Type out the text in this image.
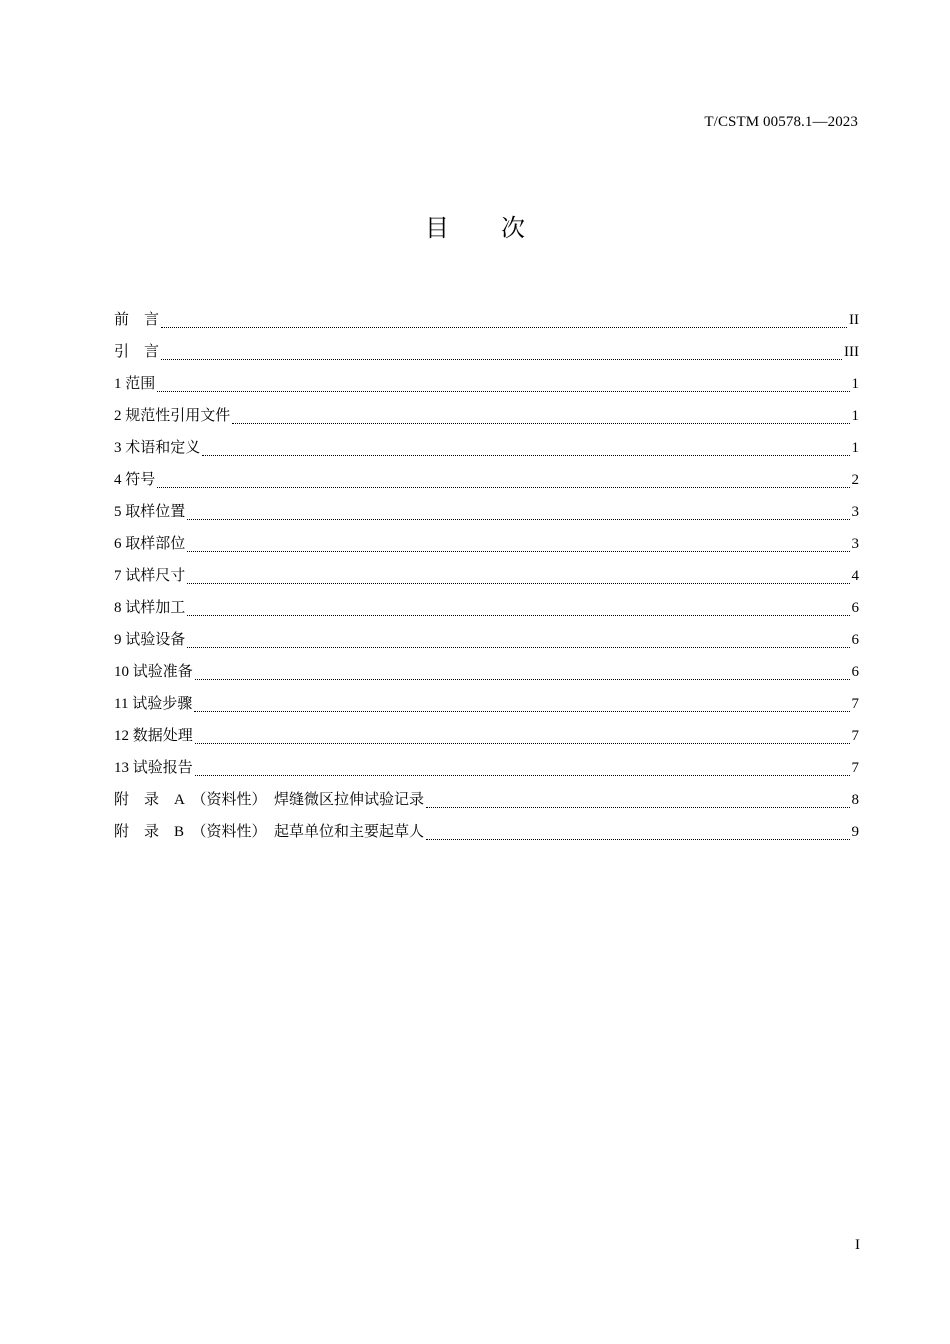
T/CSTM 00578.1—2023
目 次
前　言	II
引　言	III
1 范围	1
2 规范性引用文件	1
3 术语和定义	1
4 符号	2
5 取样位置	3
6 取样部位	3
7 试样尺寸	4
8 试样加工	6
9 试验设备	6
10 试验准备	6
11 试验步骤	7
12 数据处理	7
13 试验报告	7
附　录　A　（资料性）　焊缝微区拉伸试验记录	8
附　录　B　（资料性）　起草单位和主要起草人	9
I
